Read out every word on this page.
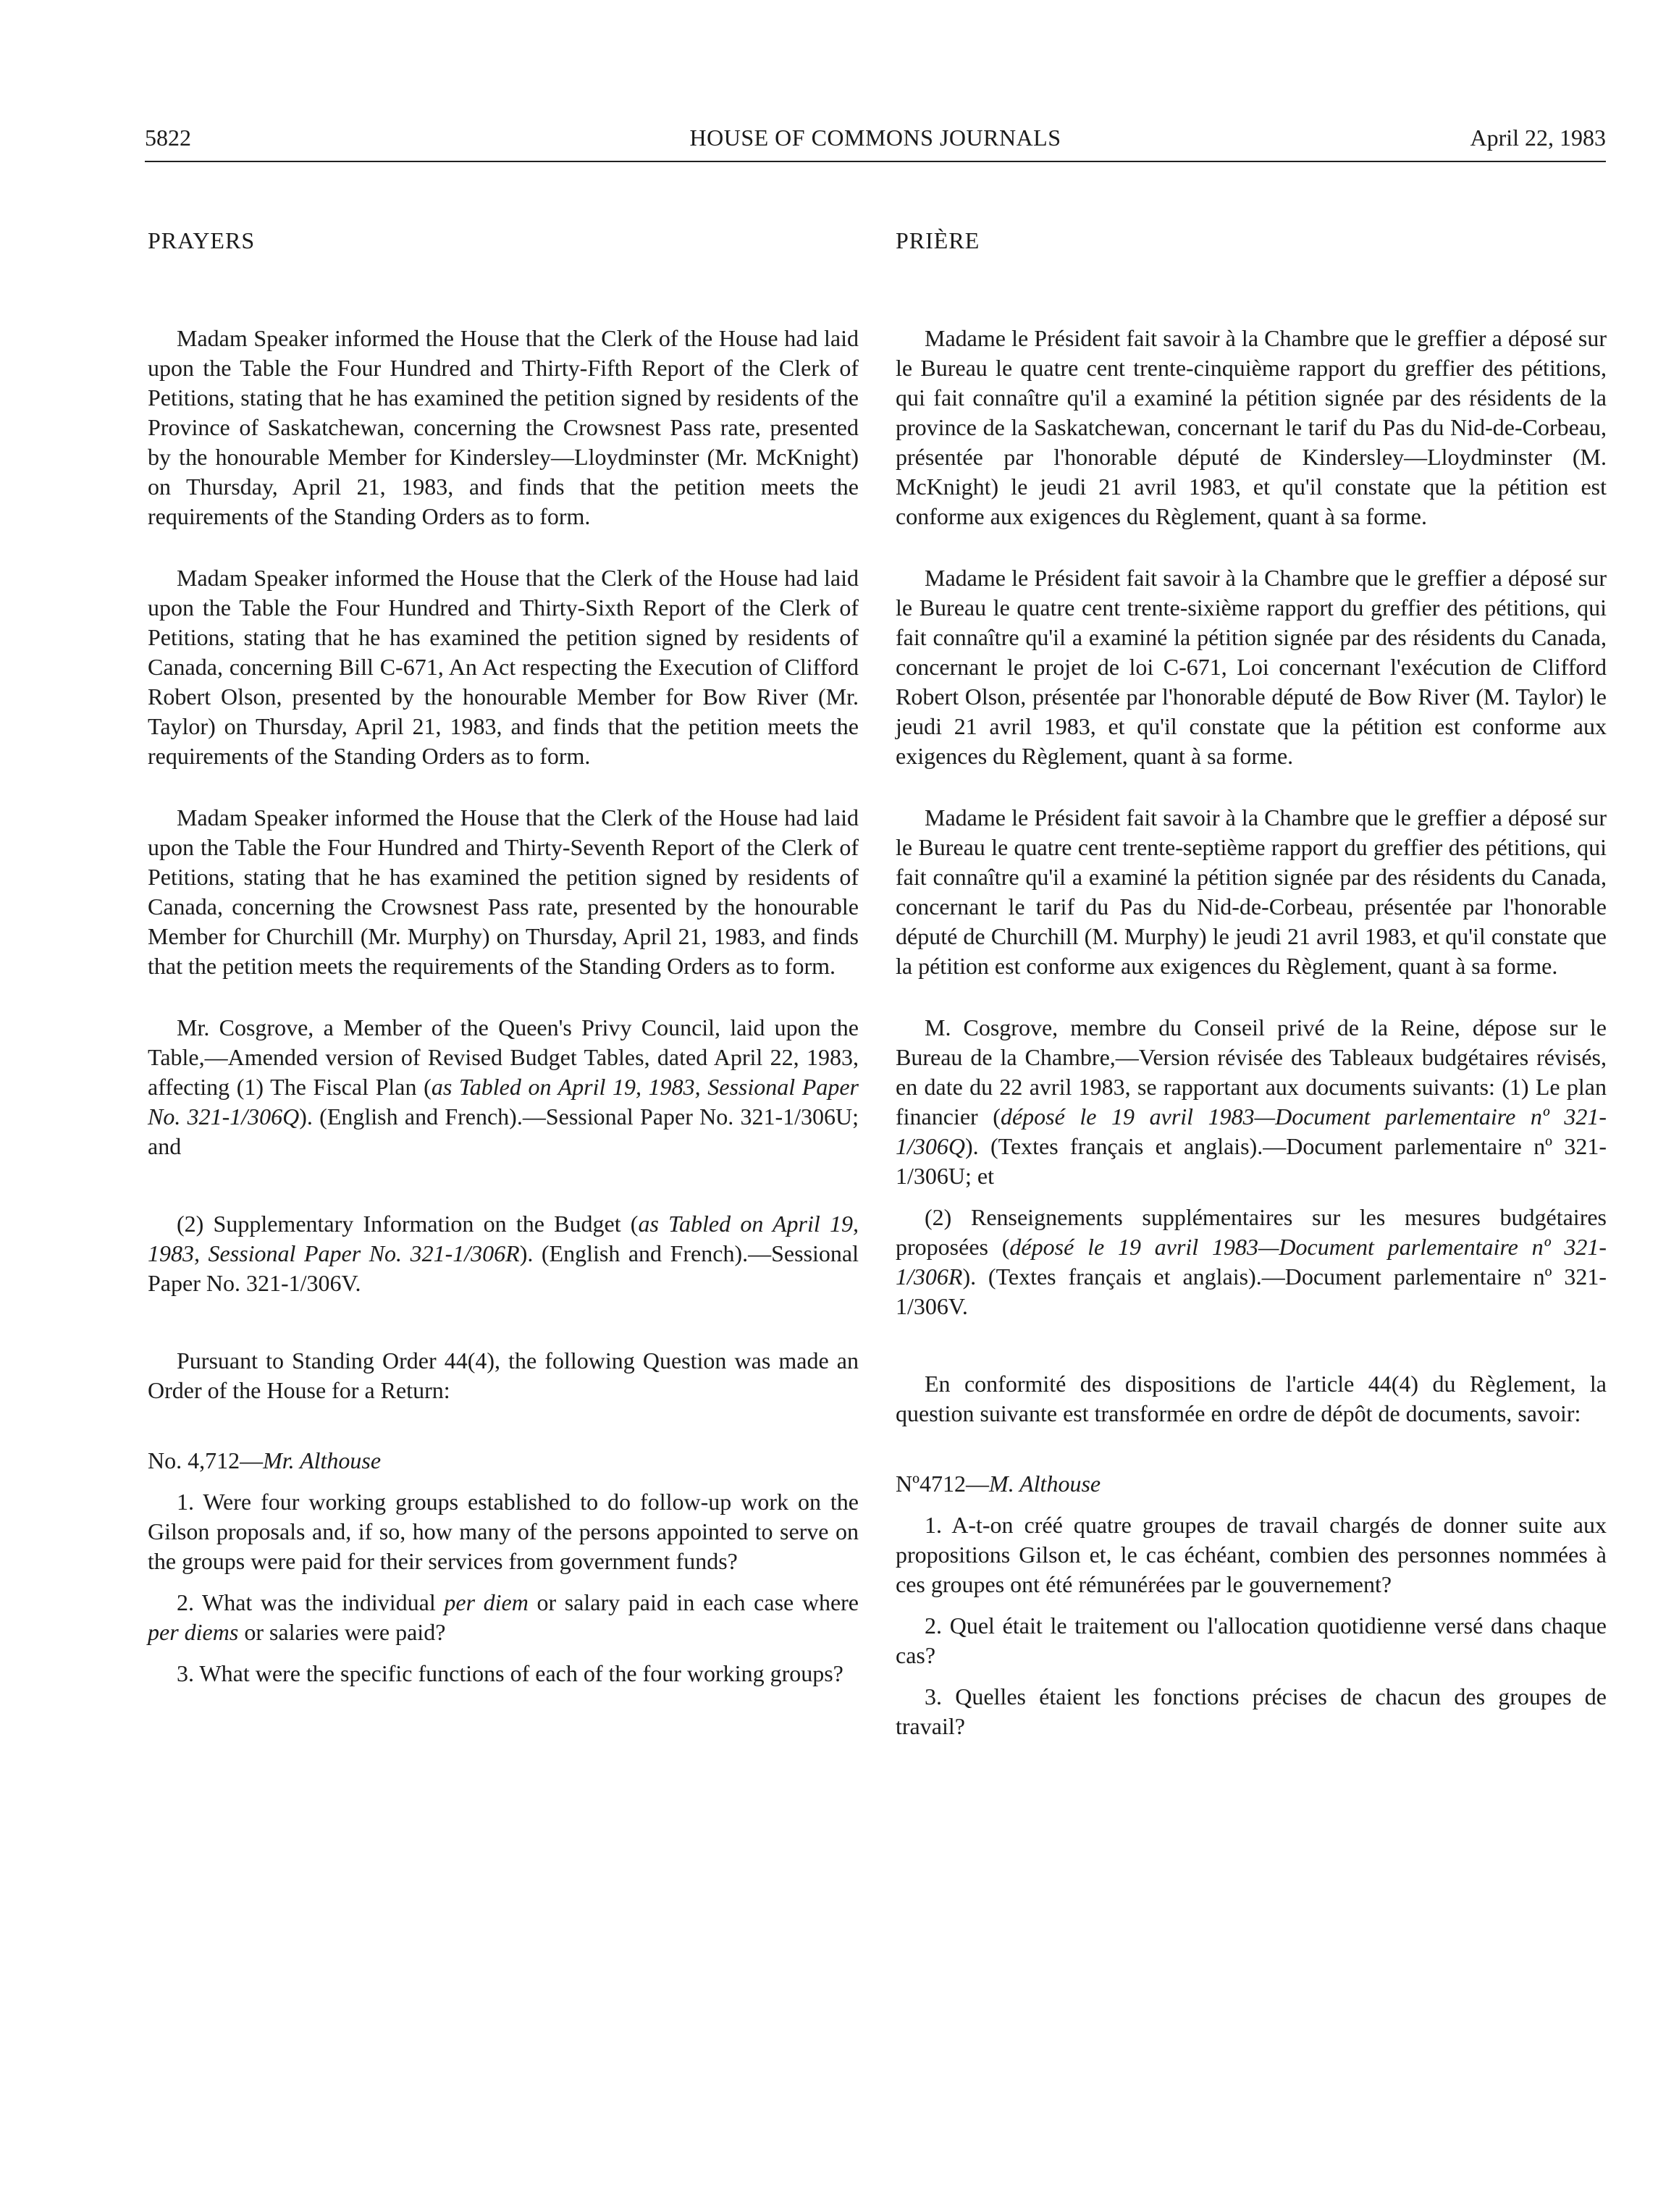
5822	HOUSE OF COMMONS JOURNALS	April 22, 1983

PRAYERS

Madam Speaker informed the House that the Clerk of the House had laid upon the Table the Four Hundred and Thirty-Fifth Report of the Clerk of Petitions, stating that he has examined the petition signed by residents of the Province of Saskatchewan, concerning the Crowsnest Pass rate, presented by the honourable Member for Kindersley—Lloydminster (Mr. McKnight) on Thursday, April 21, 1983, and finds that the petition meets the requirements of the Standing Orders as to form.

Madam Speaker informed the House that the Clerk of the House had laid upon the Table the Four Hundred and Thirty-Sixth Report of the Clerk of Petitions, stating that he has examined the petition signed by residents of Canada, concerning Bill C-671, An Act respecting the Execution of Clifford Robert Olson, presented by the honourable Member for Bow River (Mr. Taylor) on Thursday, April 21, 1983, and finds that the petition meets the requirements of the Standing Orders as to form.

Madam Speaker informed the House that the Clerk of the House had laid upon the Table the Four Hundred and Thirty-Seventh Report of the Clerk of Petitions, stating that he has examined the petition signed by residents of Canada, concerning the Crowsnest Pass rate, presented by the honourable Member for Churchill (Mr. Murphy) on Thursday, April 21, 1983, and finds that the petition meets the requirements of the Standing Orders as to form.

Mr. Cosgrove, a Member of the Queen's Privy Council, laid upon the Table,—Amended version of Revised Budget Tables, dated April 22, 1983, affecting (1) The Fiscal Plan (as Tabled on April 19, 1983, Sessional Paper No. 321-1/306Q). (English and French).—Sessional Paper No. 321-1/306U; and

(2) Supplementary Information on the Budget (as Tabled on April 19, 1983, Sessional Paper No. 321-1/306R). (English and French).—Sessional Paper No. 321-1/306V.

Pursuant to Standing Order 44(4), the following Question was made an Order of the House for a Return:

No. 4,712—Mr. Althouse

1. Were four working groups established to do follow-up work on the Gilson proposals and, if so, how many of the persons appointed to serve on the groups were paid for their services from government funds?

2. What was the individual per diem or salary paid in each case where per diems or salaries were paid?

3. What were the specific functions of each of the four working groups?

PRIÈRE

Madame le Président fait savoir à la Chambre que le greffier a déposé sur le Bureau le quatre cent trente-cinquième rapport du greffier des pétitions, qui fait connaître qu'il a examiné la pétition signée par des résidents de la province de la Saskatchewan, concernant le tarif du Pas du Nid-de-Corbeau, présentée par l'honorable député de Kindersley—Lloydminster (M. McKnight) le jeudi 21 avril 1983, et qu'il constate que la pétition est conforme aux exigences du Règlement, quant à sa forme.

Madame le Président fait savoir à la Chambre que le greffier a déposé sur le Bureau le quatre cent trente-sixième rapport du greffier des pétitions, qui fait connaître qu'il a examiné la pétition signée par des résidents du Canada, concernant le projet de loi C-671, Loi concernant l'exécution de Clifford Robert Olson, présentée par l'honorable député de Bow River (M. Taylor) le jeudi 21 avril 1983, et qu'il constate que la pétition est conforme aux exigences du Règlement, quant à sa forme.

Madame le Président fait savoir à la Chambre que le greffier a déposé sur le Bureau le quatre cent trente-septième rapport du greffier des pétitions, qui fait connaître qu'il a examiné la pétition signée par des résidents du Canada, concernant le tarif du Pas du Nid-de-Corbeau, présentée par l'honorable député de Churchill (M. Murphy) le jeudi 21 avril 1983, et qu'il constate que la pétition est conforme aux exigences du Règlement, quant à sa forme.

M. Cosgrove, membre du Conseil privé de la Reine, dépose sur le Bureau de la Chambre,—Version révisée des Tableaux budgétaires révisés, en date du 22 avril 1983, se rapportant aux documents suivants: (1) Le plan financier (déposé le 19 avril 1983—Document parlementaire nº 321-1/306Q). (Textes français et anglais).—Document parlementaire nº 321-1/306U; et

(2) Renseignements supplémentaires sur les mesures budgétaires proposées (déposé le 19 avril 1983—Document parlementaire nº 321-1/306R). (Textes français et anglais).—Document parlementaire nº 321-1/306V.

En conformité des dispositions de l'article 44(4) du Règlement, la question suivante est transformée en ordre de dépôt de documents, savoir:

Nº4712—M. Althouse

1. A-t-on créé quatre groupes de travail chargés de donner suite aux propositions Gilson et, le cas échéant, combien des personnes nommées à ces groupes ont été rémunérées par le gouvernement?

2. Quel était le traitement ou l'allocation quotidienne versé dans chaque cas?

3. Quelles étaient les fonctions précises de chacun des groupes de travail?
